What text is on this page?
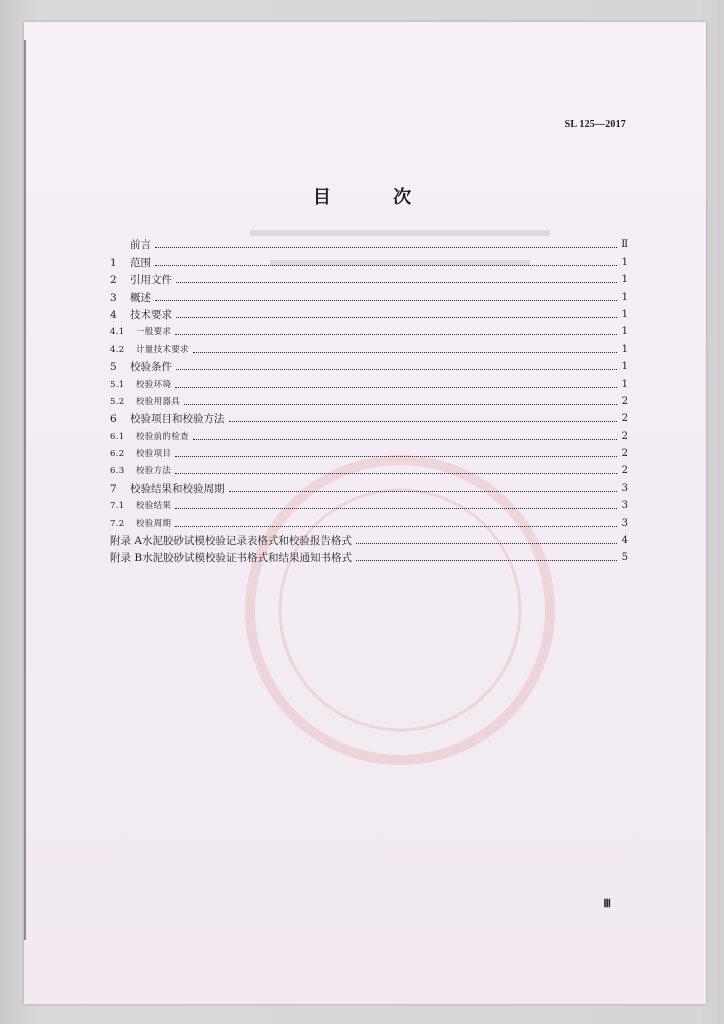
SL 125—2017
目 次
前言	Ⅱ
1 范围	1
2 引用文件	1
3 概述	1
4 技术要求	1
4.1 一般要求	1
4.2 计量技术要求	1
5 校验条件	1
5.1 校验环境	1
5.2 校验用器具	2
6 校验项目和校验方法	2
6.1 校验前的检查	2
6.2 校验项目	2
6.3 校验方法	2
7 校验结果和校验周期	3
7.1 校验结果	3
7.2 校验周期	3
附录 A水泥胶砂试模校验记录表格式和校验报告格式	4
附录 B水泥胶砂试模校验证书格式和结果通知书格式	5
Ⅲ
